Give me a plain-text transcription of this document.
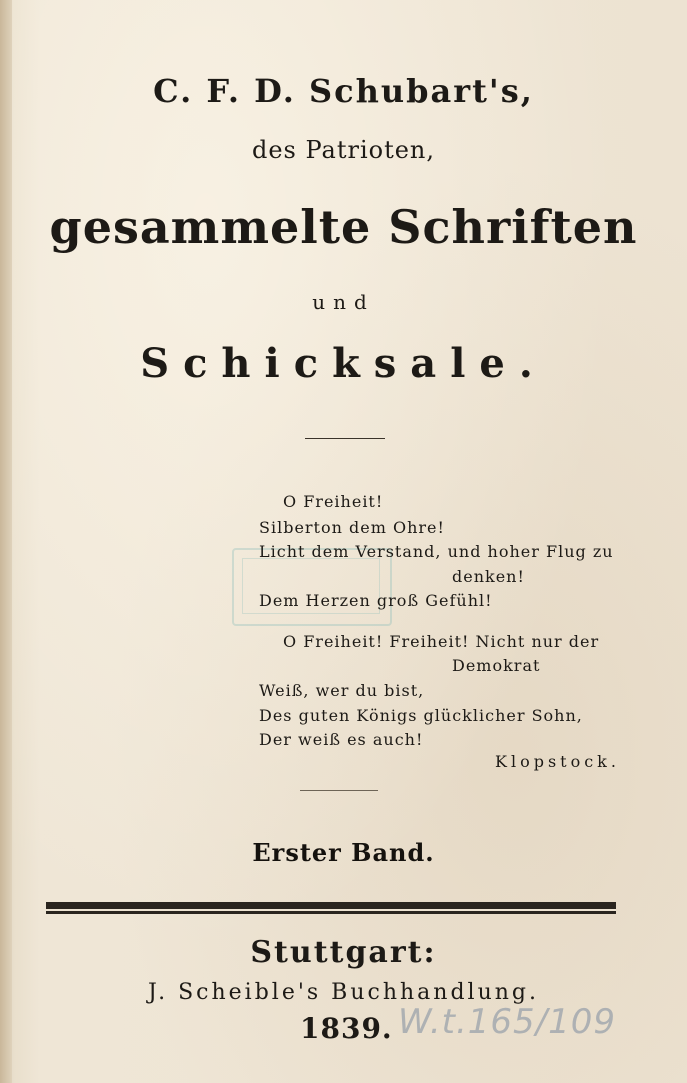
C. F. D. Schubart's,
des Patrioten,
gesammelte Schriften
und
Schicksale.
O Freiheit!
Silberton dem Ohre!
Licht dem Verstand, und hoher Flug zu
denken!
Dem Herzen groß Gefühl!
O Freiheit! Freiheit! Nicht nur der
Demokrat
Weiß, wer du bist,
Des guten Königs glücklicher Sohn,
Der weiß es auch!
Klopstock.
Erster Band.
Stuttgart:
J. Scheible's Buchhandlung.
1839. W.t.165/109
